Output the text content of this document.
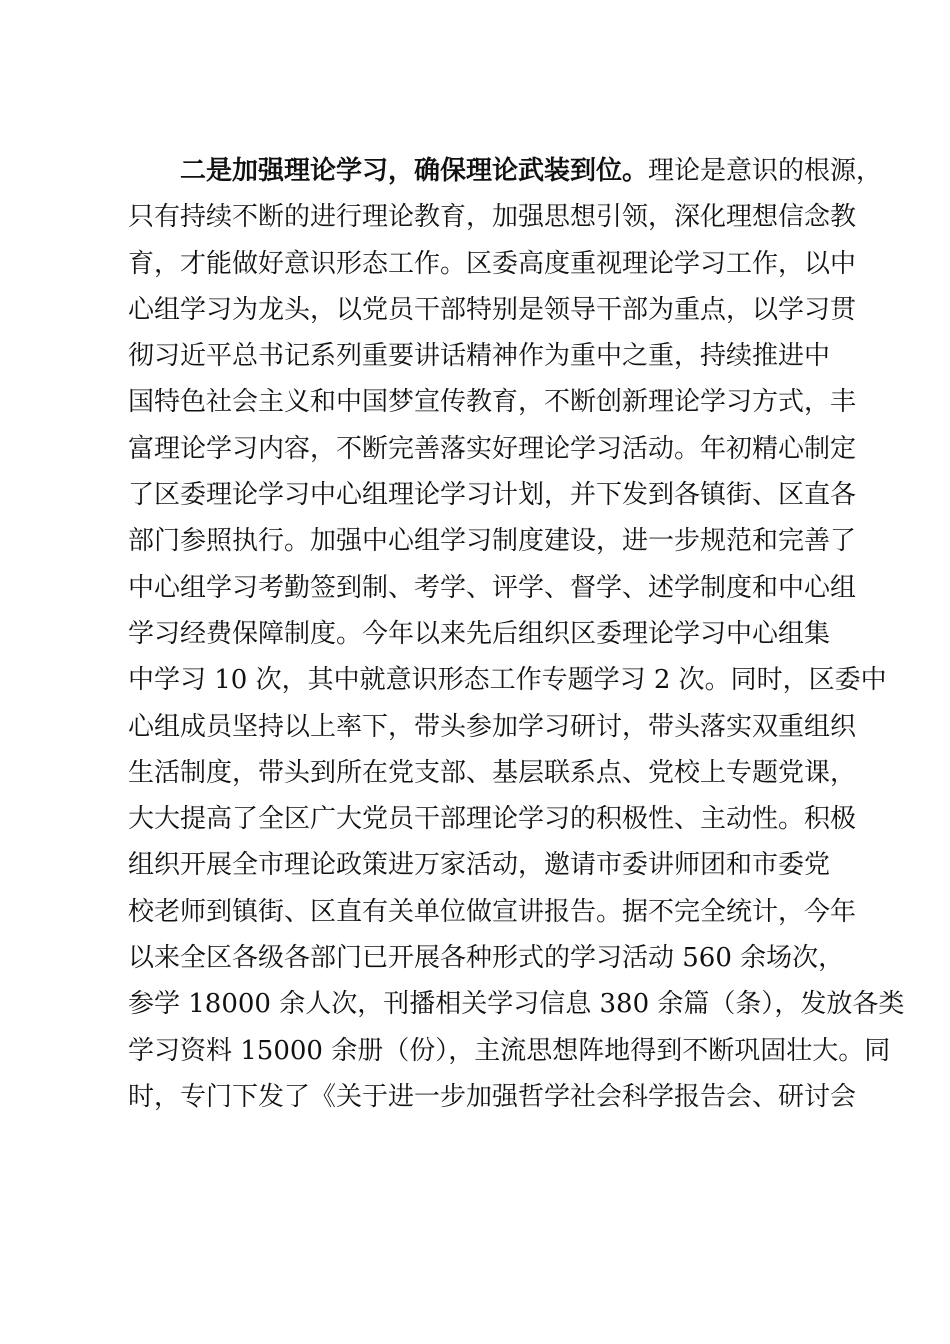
二是加强理论学习，确保理论武装到位。理论是意识的根源，
只有持续不断的进行理论教育，加强思想引领，深化理想信念教
育，才能做好意识形态工作。区委高度重视理论学习工作，以中
心组学习为龙头，以党员干部特别是领导干部为重点，以学习贯
彻习近平总书记系列重要讲话精神作为重中之重，持续推进中
国特色社会主义和中国梦宣传教育，不断创新理论学习方式，丰
富理论学习内容，不断完善落实好理论学习活动。年初精心制定
了区委理论学习中心组理论学习计划，并下发到各镇街、区直各
部门参照执行。加强中心组学习制度建设，进一步规范和完善了
中心组学习考勤签到制、考学、评学、督学、述学制度和中心组
学习经费保障制度。今年以来先后组织区委理论学习中心组集
中学习 10 次，其中就意识形态工作专题学习 2 次。同时，区委中
心组成员坚持以上率下，带头参加学习研讨，带头落实双重组织
生活制度，带头到所在党支部、基层联系点、党校上专题党课，
大大提高了全区广大党员干部理论学习的积极性、主动性。积极
组织开展全市理论政策进万家活动，邀请市委讲师团和市委党
校老师到镇街、区直有关单位做宣讲报告。据不完全统计，今年
以来全区各级各部门已开展各种形式的学习活动 560 余场次，
参学 18000 余人次，刊播相关学习信息 380 余篇（条），发放各类
学习资料 15000 余册（份），主流思想阵地得到不断巩固壮大。同
时，专门下发了《关于进一步加强哲学社会科学报告会、研讨会
